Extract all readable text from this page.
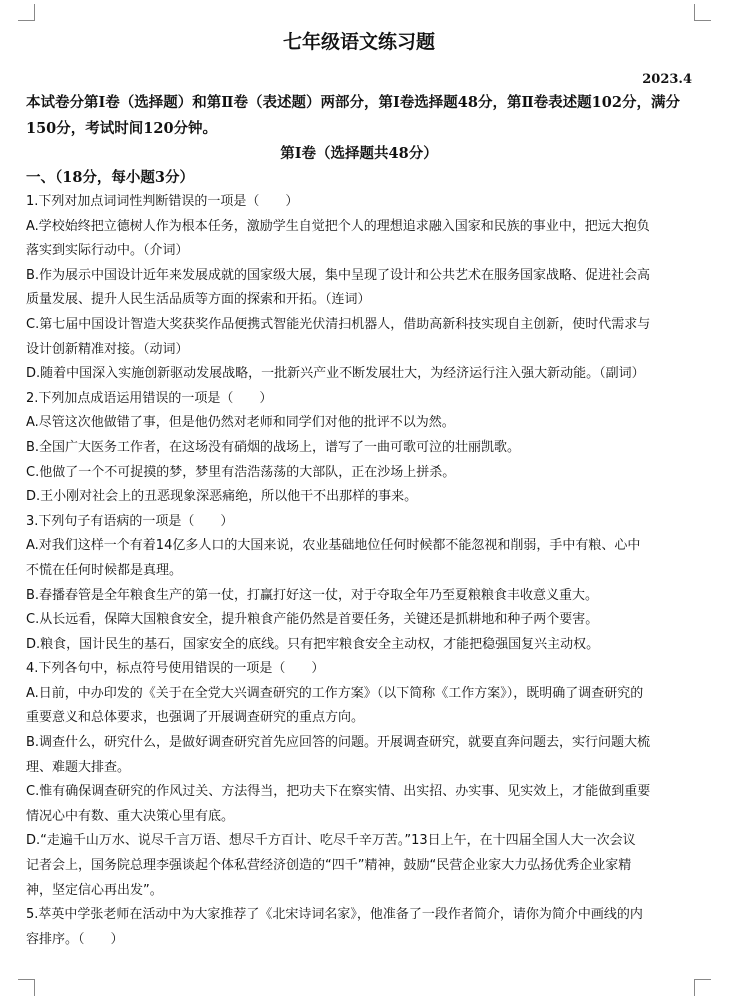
七年级语文练习题
2023.4
本试卷分第Ⅰ卷（选择题）和第Ⅱ卷（表述题）两部分，第Ⅰ卷选择题48分，第Ⅱ卷表述题102分，满分150分，考试时间120分钟。
第Ⅰ卷（选择题共48分）
一、（18分，每小题3分）
1.下列对加点词词性判断错误的一项是（　　）
A.学校始终把立德树人作为根本任务，激励学生自觉把个人的理想追求融入国家和民族的事业中，把远大抱负
落实到实际行动中。（介词）
B.作为展示中国设计近年来发展成就的国家级大展，集中呈现了设计和公共艺术在服务国家战略、促进社会高
质量发展、提升人民生活品质等方面的探索和开拓。（连词）
C.第七届中国设计智造大奖获奖作品便携式智能光伏清扫机器人，借助高新科技实现自主创新，使时代需求与
设计创新精准对接。（动词）
D.随着中国深入实施创新驱动发展战略，一批新兴产业不断发展壮大，为经济运行注入强大新动能。（副词）
2.下列加点成语运用错误的一项是（　　）
A.尽管这次他做错了事，但是他仍然对老师和同学们对他的批评不以为然。
B.全国广大医务工作者，在这场没有硝烟的战场上，谱写了一曲可歌可泣的壮丽凯歌。
C.他做了一个不可捉摸的梦，梦里有浩浩荡荡的大部队，正在沙场上拼杀。
D.王小刚对社会上的丑恶现象深恶痛绝，所以他干不出那样的事来。
3.下列句子有语病的一项是（　　）
A.对我们这样一个有着14亿多人口的大国来说，农业基础地位任何时候都不能忽视和削弱，手中有粮、心中
不慌在任何时候都是真理。
B.春播春管是全年粮食生产的第一仗，打赢打好这一仗，对于夺取全年乃至夏粮粮食丰收意义重大。
C.从长远看，保障大国粮食安全，提升粮食产能仍然是首要任务，关键还是抓耕地和种子两个要害。
D.粮食，国计民生的基石，国家安全的底线。只有把牢粮食安全主动权，才能把稳强国复兴主动权。
4.下列各句中，标点符号使用错误的一项是（　　）
A.日前，中办印发的《关于在全党大兴调查研究的工作方案》（以下简称《工作方案》），既明确了调查研究的
重要意义和总体要求，也强调了开展调查研究的重点方向。
B.调查什么，研究什么，是做好调查研究首先应回答的问题。开展调查研究，就要直奔问题去，实行问题大梳
理、难题大排查。
C.惟有确保调查研究的作风过关、方法得当，把功夫下在察实情、出实招、办实事、见实效上，才能做到重要
情况心中有数、重大决策心里有底。
D.“走遍千山万水、说尽千言万语、想尽千方百计、吃尽千辛万苦。”13日上午，在十四届全国人大一次会议
记者会上，国务院总理李强谈起个体私营经济创造的“四千”精神，鼓励“民营企业家大力弘扬优秀企业家精
神，坚定信心再出发”。
5.萃英中学张老师在活动中为大家推荐了《北宋诗词名家》，他准备了一段作者简介，请你为简介中画线的内
容排序。（　　）
